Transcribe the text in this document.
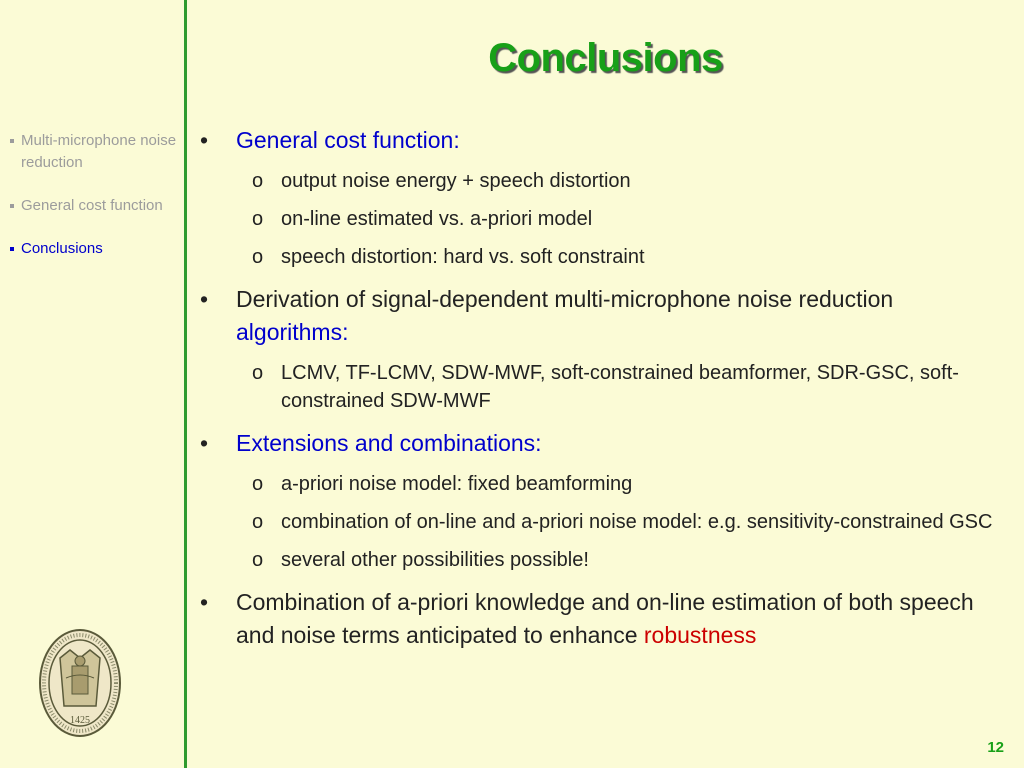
Multi-microphone noise reduction
General cost function
Conclusions
1425
Conclusions
• General cost function:
o output noise energy + speech distortion
o on-line estimated vs. a-priori model
o speech distortion: hard vs. soft constraint
• Derivation of signal-dependent multi-microphone noise reduction algorithms:
o LCMV, TF-LCMV, SDW-MWF, soft-constrained beamformer, SDR-GSC, soft-constrained SDW-MWF
• Extensions and combinations:
o a-priori noise model: fixed beamforming
o combination of on-line and a-priori noise model: e.g. sensitivity-constrained GSC
o several other possibilities possible!
• Combination of a-priori knowledge and on-line estimation of both speech and noise terms anticipated to enhance robustness
12
